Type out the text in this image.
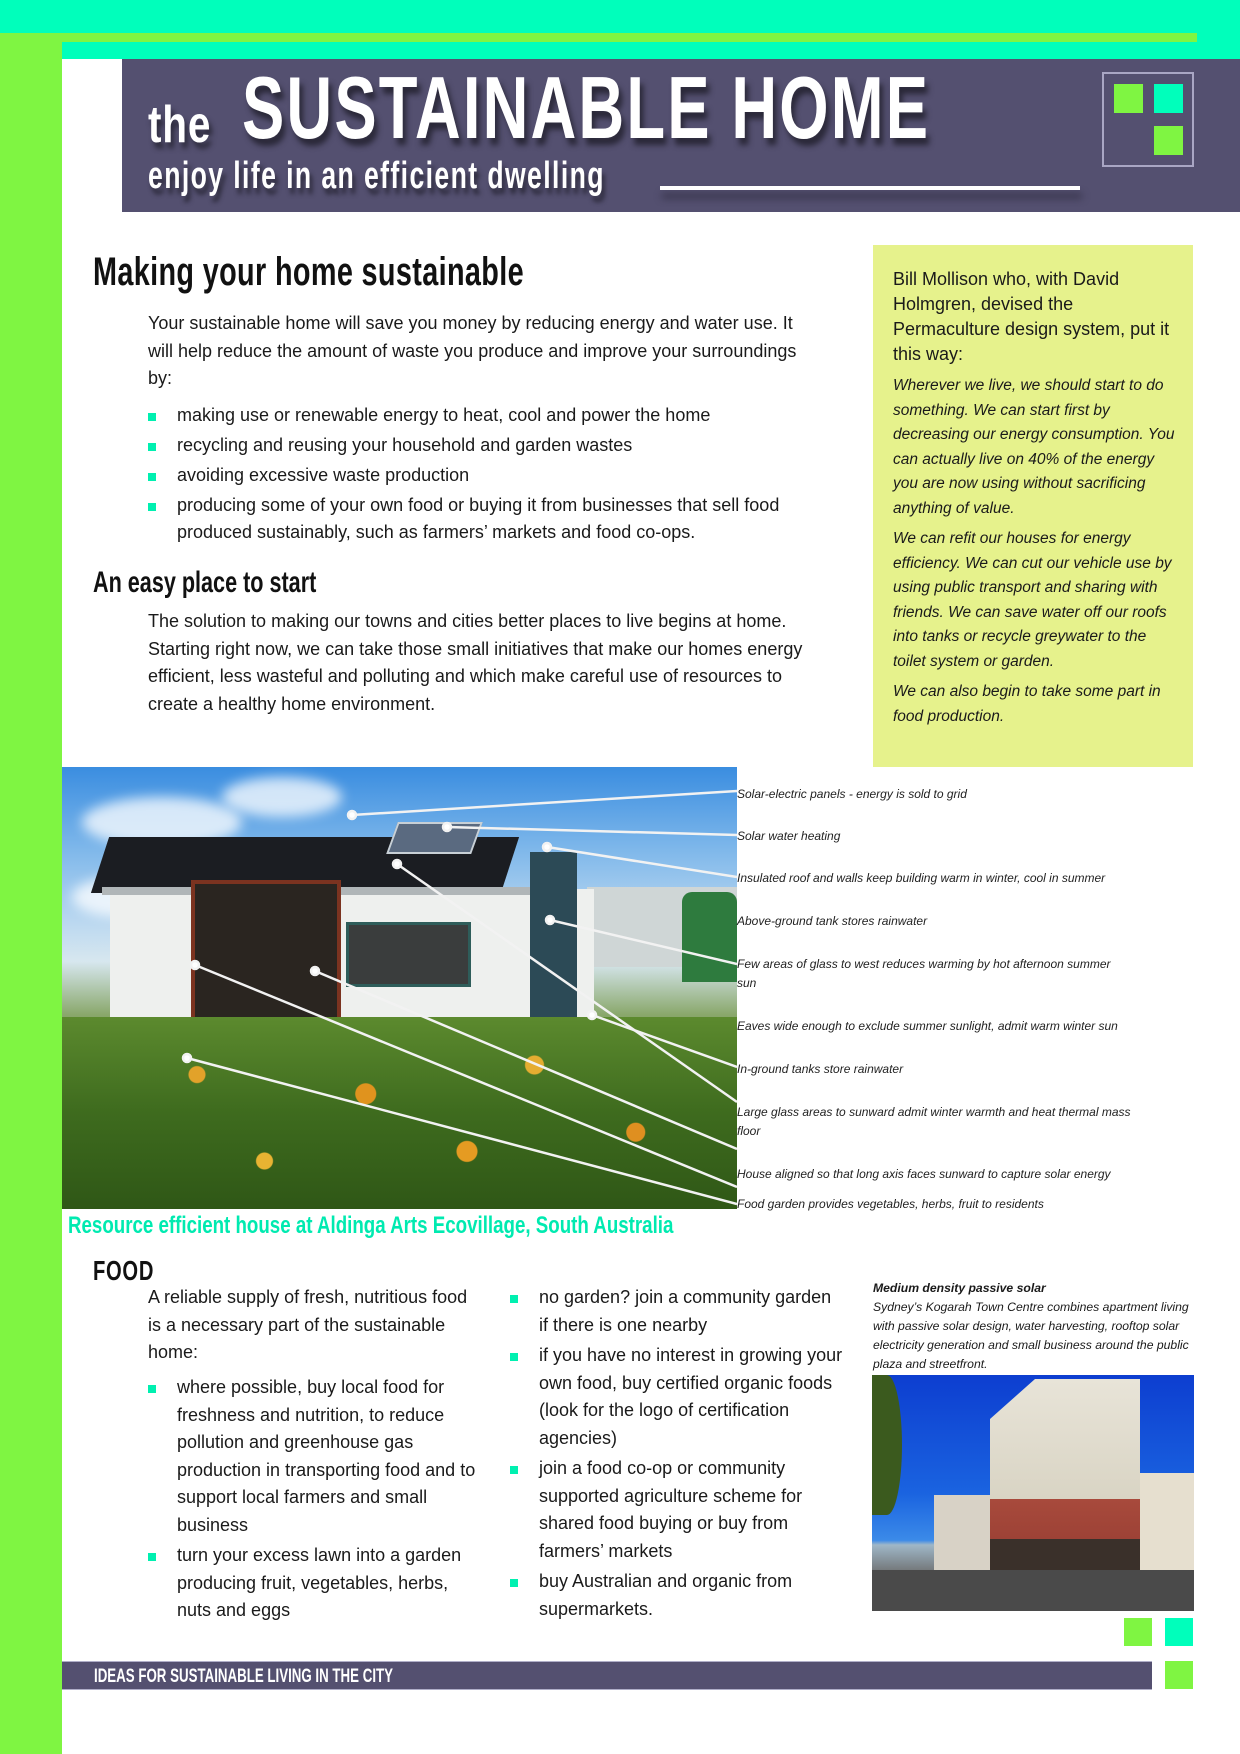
the SUSTAINABLE HOME
enjoy life in an efficient dwelling
Making your home sustainable

Your sustainable home will save you money by reducing energy and water use. It will help reduce the amount of waste you produce and improve your surroundings by:

making use or renewable energy to heat, cool and power the home
recycling and reusing your household and garden wastes
avoiding excessive waste production
producing some of your own food or buying it from businesses that sell food produced sustainably, such as farmers’ markets and food co-ops.
An easy place to start

The solution to making our towns and cities better places to live begins at home. Starting right now, we can take those small initiatives that make our homes energy efficient, less wasteful and polluting and which make careful use of resources to create a healthy home environment.

Bill Mollison who, with David Holmgren, devised the Permaculture design system, put it this way:

Wherever we live, we should start to do something. We can start first by decreasing our energy consumption. You can actually live on 40% of the energy you are now using without sacrificing anything of value.

We can refit our houses for energy efficiency. We can cut our vehicle use by using public transport and sharing with friends. We can save water off our roofs into tanks or recycle greywater to the toilet system or garden.

We can also begin to take some part in food production.

Solar-electric panels - energy is sold to grid
Solar water heating
Insulated roof and walls keep building warm in winter, cool in summer
Above-ground tank stores rainwater
Few areas of glass to west reduces warming by hot afternoon summer sun
Eaves wide enough to exclude summer sunlight, admit warm winter sun
In-ground tanks store rainwater
Large glass areas to sunward admit winter warmth and heat thermal mass floor
House aligned so that long axis faces sunward to capture solar energy
Food garden provides vegetables, herbs, fruit to residents
Resource efficient house at Aldinga Arts Ecovillage, South Australia
FOOD

A reliable supply of fresh, nutritious food is a necessary part of the sustainable home:

where possible, buy local food for freshness and nutrition, to reduce pollution and greenhouse gas production in transporting food and to support local farmers and small business
turn your excess lawn into a garden producing fruit, vegetables, herbs, nuts and eggs
no garden? join a community garden if there is one nearby
if you have no interest in growing your own food, buy certified organic foods (look for the logo of certification agencies)
join a food co-op or community supported agriculture scheme for shared food buying or buy from farmers’ markets
buy Australian and organic from supermarkets.
Medium density passive solar
Sydney’s Kogarah Town Centre combines apartment living with passive solar design, water harvesting, rooftop solar electricity generation and small business around the public plaza and streetfront.
IDEAS FOR SUSTAINABLE LIVING IN THE CITY
